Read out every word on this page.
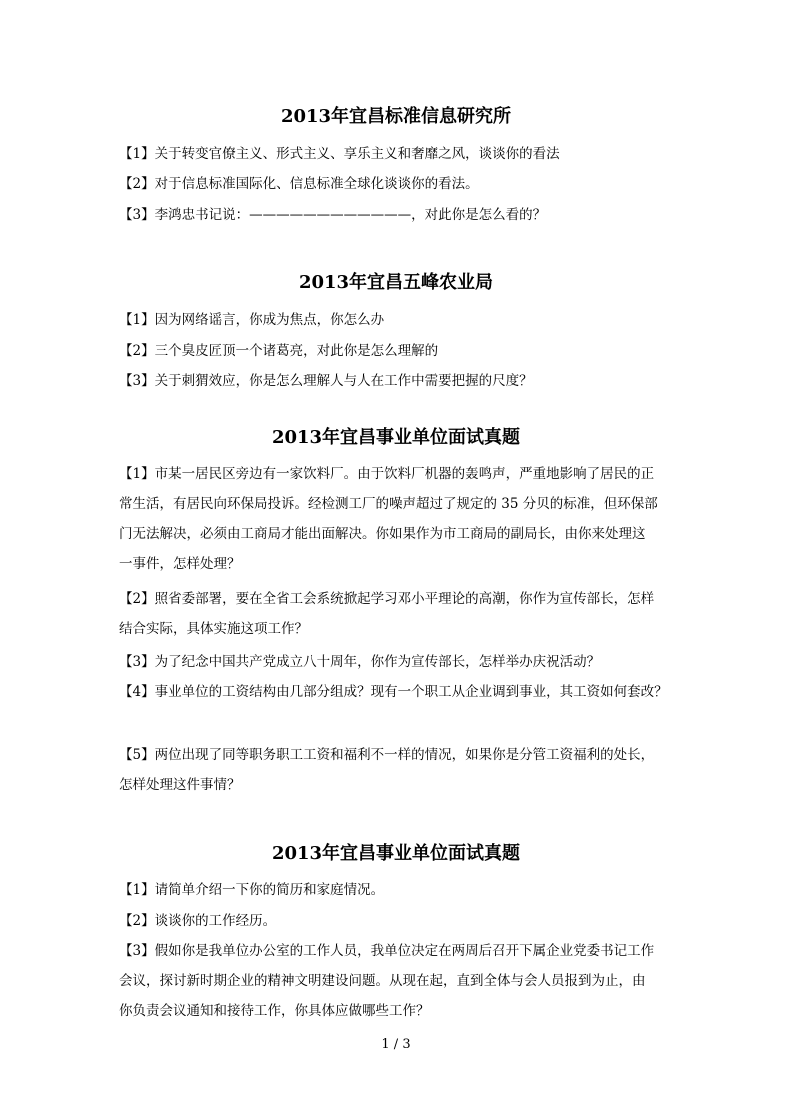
2013年宜昌标准信息研究所

【1】关于转变官僚主义、形式主义、享乐主义和奢靡之风，谈谈你的看法

【2】对于信息标准国际化、信息标准全球化谈谈你的看法。

【3】李鸿忠书记说：————————————，对此你是怎么看的？

2013年宜昌五峰农业局

【1】因为网络谣言，你成为焦点，你怎么办

【2】三个臭皮匠顶一个诸葛亮，对此你是怎么理解的

【3】关于刺猬效应，你是怎么理解人与人在工作中需要把握的尺度？

2013年宜昌事业单位面试真题

【1】市某一居民区旁边有一家饮料厂。由于饮料厂机器的轰鸣声，严重地影响了居民的正
常生活，有居民向环保局投诉。经检测工厂的噪声超过了规定的 35 分贝的标准，但环保部
门无法解决，必须由工商局才能出面解决。你如果作为市工商局的副局长，由你来处理这
一事件，怎样处理？

【2】照省委部署，要在全省工会系统掀起学习邓小平理论的高潮，你作为宣传部长，怎样
结合实际，具体实施这项工作？

【3】为了纪念中国共产党成立八十周年，你作为宣传部长，怎样举办庆祝活动？

【4】事业单位的工资结构由几部分组成？现有一个职工从企业调到事业，其工资如何套改？

【5】两位出现了同等职务职工工资和福利不一样的情况，如果你是分管工资福利的处长，
怎样处理这件事情？

2013年宜昌事业单位面试真题

【1】请简单介绍一下你的简历和家庭情况。

【2】谈谈你的工作经历。

【3】假如你是我单位办公室的工作人员，我单位决定在两周后召开下属企业党委书记工作
会议，探讨新时期企业的精神文明建设问题。从现在起，直到全体与会人员报到为止，由
你负责会议通知和接待工作，你具体应做哪些工作？

1 / 3
